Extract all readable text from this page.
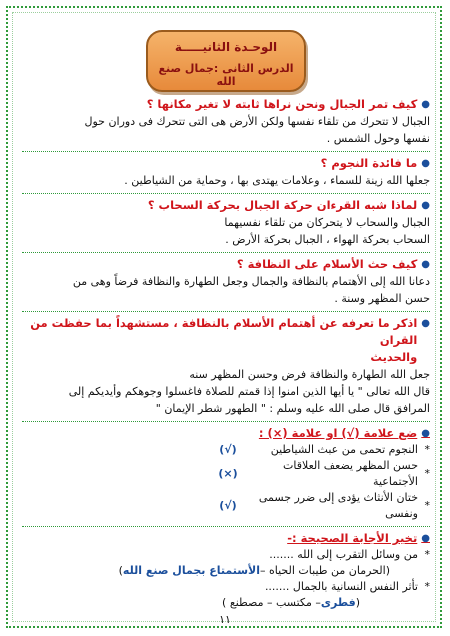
الوحـدة الثانيـــــة
الدرس الثانى :جمال صنع الله
●
كيف تمر الجبال ونحن نراها ثابته لا تغير مكانها ؟
الجبال لا تتحرك من تلقاء نفسها ولكن الأرض هى التى تتحرك فى دوران حول
نفسها وحول الشمس .
●
ما فائدة النجوم ؟
جعلها الله زينة للسماء ، وعلامات يهتدى بها ، وحماية من الشياطين .
●
لماذا شبه القرءان حركة الجبال بحركة السحاب ؟
الجبال والسحاب لا يتحركان من تلقاء نفسيهما
السحاب بحركة الهواء ، الجبال بحركة الأرض .
●
كيف حث الأسلام على النظافة ؟
دعانا الله إلى الأهتمام بالنظافة والجمال وجعل الطهارة والنظافة فرضاً وهى من
حسن المظهر وسنة .
●
اذكر ما تعرفه عن أهتمام الأسلام بالنظافة ، مستشهداً بما حفظت من القران
والحديث
جعل الله الطهارة والنظافة فرض وحسن المظهر سنه
قال الله تعالى " يا أيها الذين امنوا إذا قمتم للصلاة فاغسلوا وجوهكم وأيديكم إلى
المرافق قال صلى الله عليه وسلم : " الطهور شطر الإيمان "
●
ضع علامة (√) او علامة (×) :
*
النجوم تحمى من عبث الشياطين
(√)
*
حسن المظهر يضعف العلاقات الأجتماعية
(×)
*
ختان الأنثاث يؤدى إلى ضرر جسمى ونفسى
(√)
●
تخير الأجابة الصحيحة :-
*
من وسائل التقرب إلى الله .......
(الحرمان من طيبات الحياه –
الأستمتاع بجمال صنع الله
)
*
تأثر النفس النسانية بالجمال .......
(
فطرى
– مكتسب – مصطنع )
١١
